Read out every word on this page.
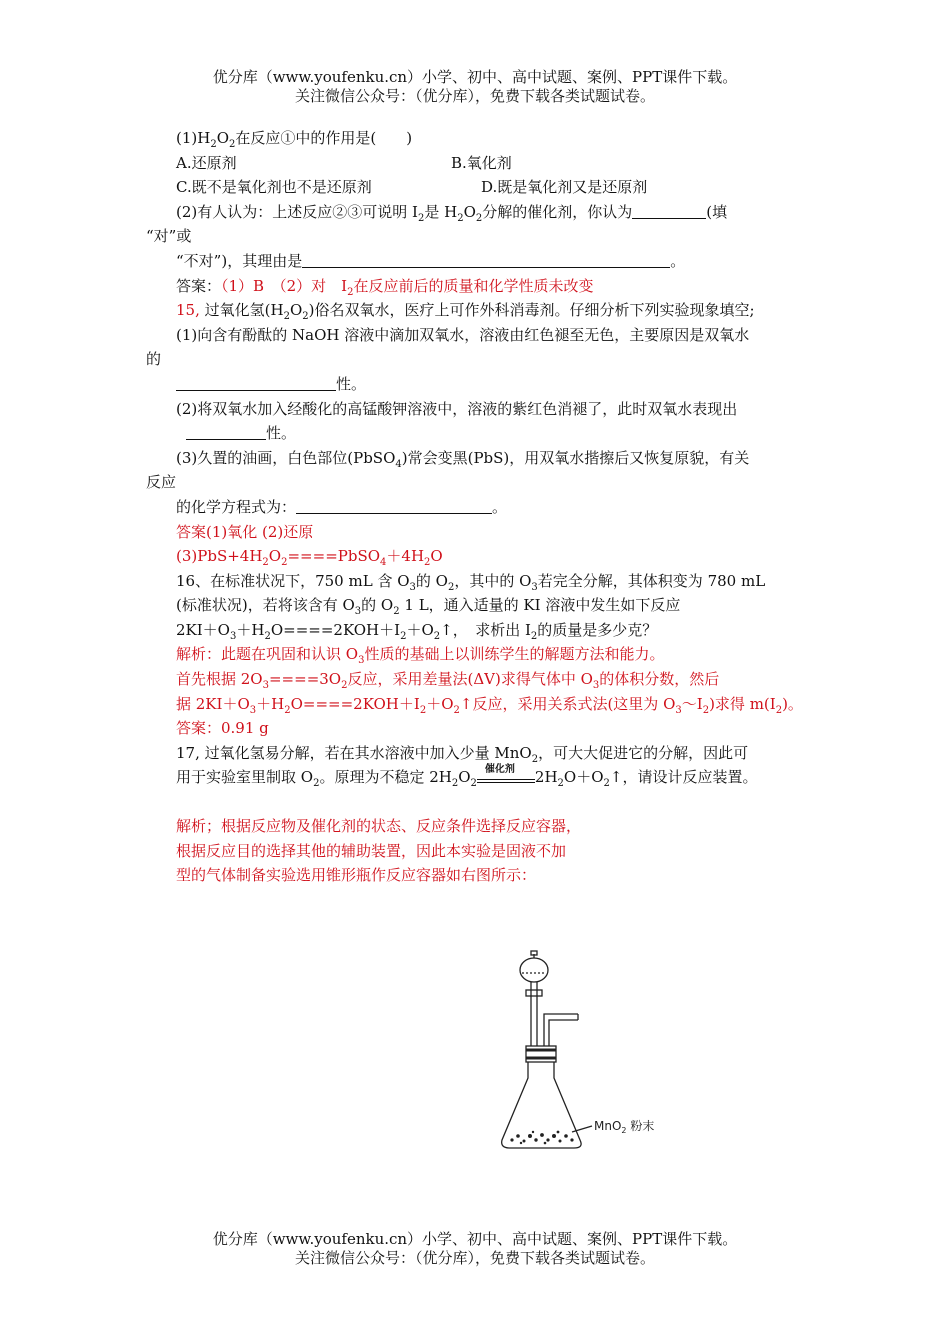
优分库（www.youfenku.cn）小学、初中、高中试题、案例、PPT课件下载。
关注微信公众号：（优分库），免费下载各类试题试卷。
$(1)H_2O_2$在反应①中的作用是(　　)
A.还原剂	B.氧化剂
C.既不是氧化剂也不是还原剂	D.既是氧化剂又是还原剂
(2)有人认为：上述反应②③可说明 $I_2$是 $H_2O_2$分解的催化剂，你认为	(填
“对”或
“不对”)，其理由是	。
答案：（1）B　（2）对　$I_2$在反应前后的质量和化学性质未改变
15, 过氧化氢$(H_2O_2)$俗名双氧水，医疗上可作外科消毒剂。仔细分析下列实验现象填空;
(1)向含有酚酞的 NaOH 溶液中滴加双氧水，溶液由红色褪至无色，主要原因是双氧水
的
性。
(2)将双氧水加入经酸化的高锰酸钾溶液中，溶液的紫红色消褪了，此时双氧水表现出
性。
(3)久置的油画，白色部位(PbSO$_4$)常会变黑(PbS)，用双氧水揩擦后又恢复原貌，有关
反应
的化学方程式为：	。
答案(1)氧化 (2)还原
$(3)PbS+4H_2O_2====PbSO_4+4H_2O$
16、在标准状况下，750 mL 含 $O_3$的 $O_2$，其中的 $O_3$若完全分解，其体积变为 780 mL
(标准状况)，若将该含有 $O_3$的 $O_2$ 1 L，通入适量的 KI 溶液中发生如下反应
$2KI+O_3+H_2O====2KOH+I_2+O_2↑$，　求析出 $I_2$的质量是多少克？
解析：此题在巩固和认识 $O_3$性质的基础上以训练学生的解题方法和能力。
首先根据 $2O_3====3O_2$反应，采用差量法(ΔV)求得气体中 $O_3$的体积分数，然后
据 $2KI+O_3+H_2O====2KOH+I_2+O_2↑$反应，采用关系式法(这里为 $O_3\sim I_2$)求得 $m(I_2)$。
答案：0.91 g
17, 过氧化氢易分解，若在其水溶液中加入少量 MnO$_2$，可大大促进它的分解，因此可
用于实验室里制取 $O_2$。原理为不稳定 $2H_2O_2$
催化剂 $2H_2O+O_2↑$，请设计反应装置。
解析；根据反应物及催化剂的状态、反应条件选择反应容器，
根据反应目的选择其他的辅助装置，因此本实验是固液不加
型的气体制备实验选用锥形瓶作反应容器如右图所示：
MnO$_2$ 粉末
优分库（www.youfenku.cn）小学、初中、高中试题、案例、PPT课件下载。
关注微信公众号：（优分库），免费下载各类试题试卷。
